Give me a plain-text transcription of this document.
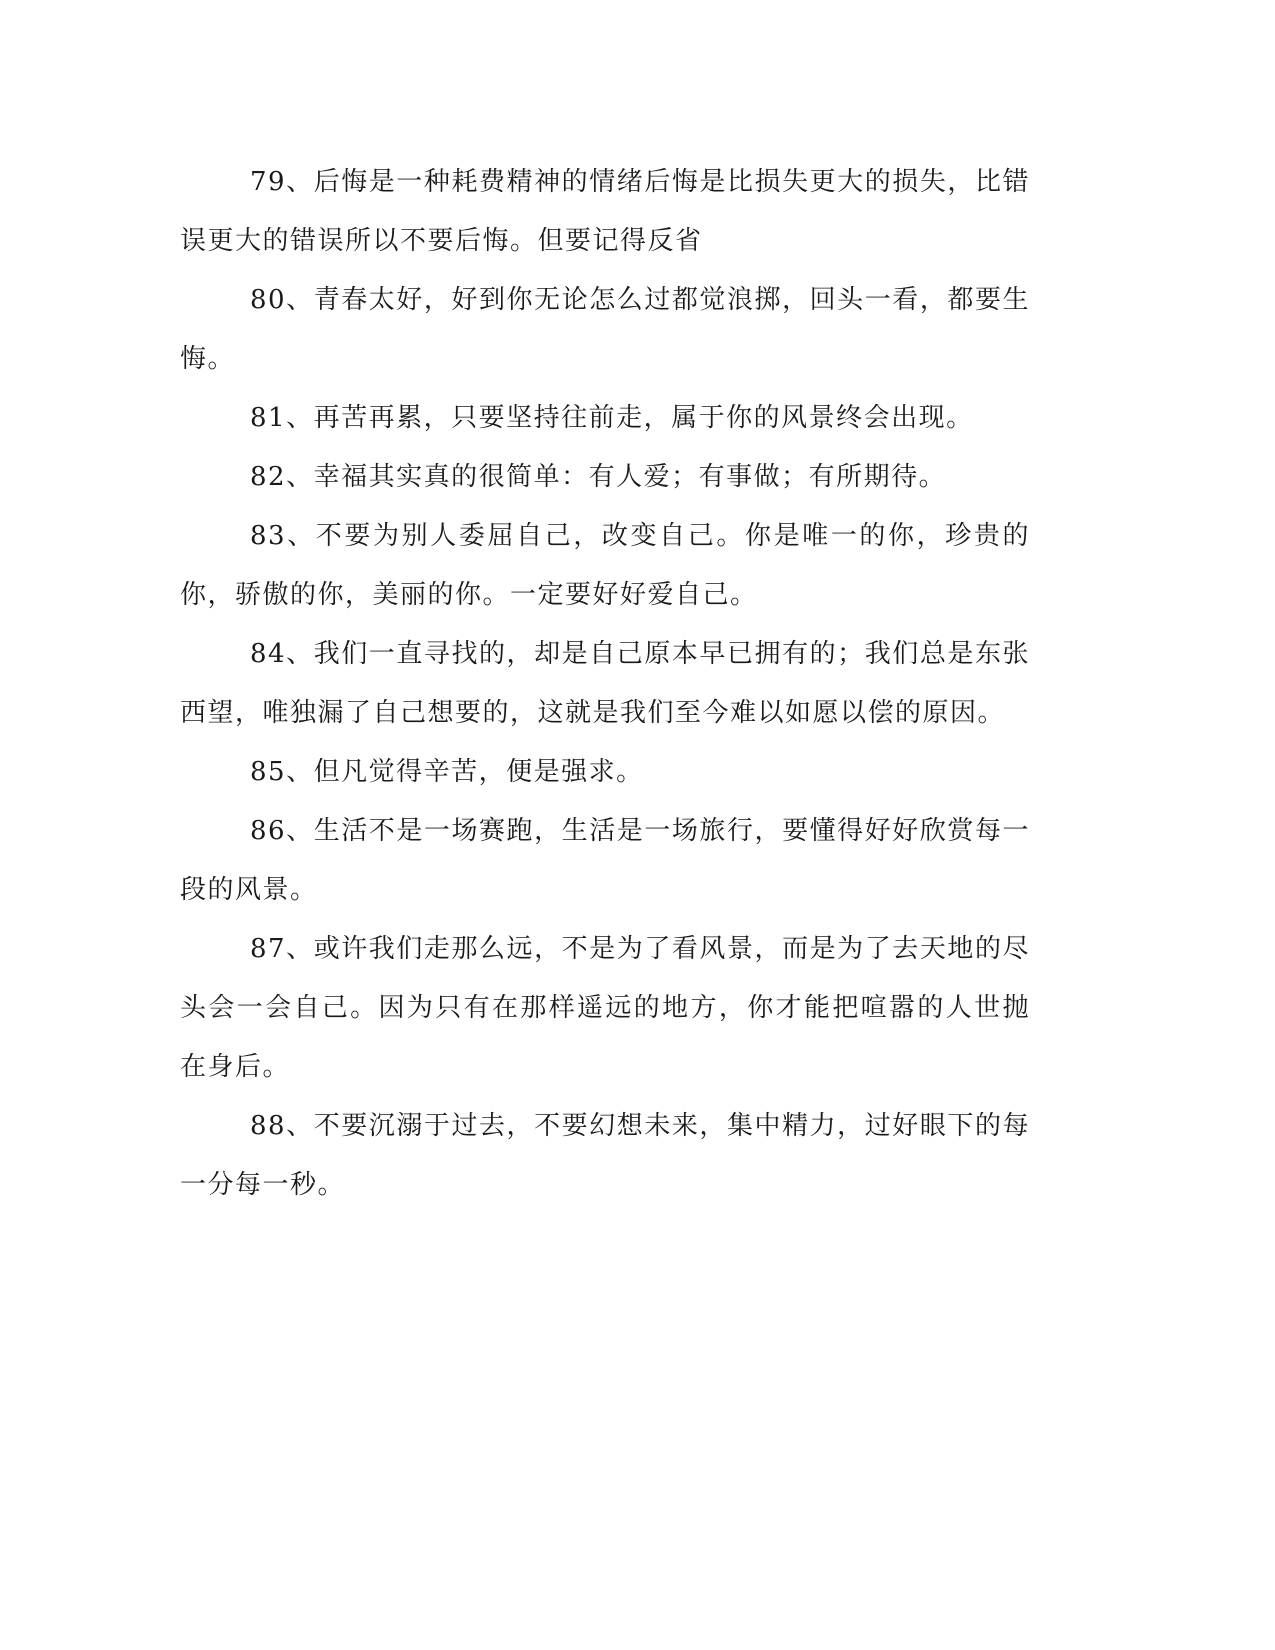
79、后悔是一种耗费精神的情绪后悔是比损失更大的损失，比错误更大的错误所以不要后悔。但要记得反省

80、青春太好，好到你无论怎么过都觉浪掷，回头一看，都要生悔。

81、再苦再累，只要坚持往前走，属于你的风景终会出现。

82、幸福其实真的很简单：有人爱；有事做；有所期待。

83、不要为别人委屈自己，改变自己。你是唯一的你，珍贵的你，骄傲的你，美丽的你。一定要好好爱自己。

84、我们一直寻找的，却是自己原本早已拥有的；我们总是东张西望，唯独漏了自己想要的，这就是我们至今难以如愿以偿的原因。

85、但凡觉得辛苦，便是强求。

86、生活不是一场赛跑，生活是一场旅行，要懂得好好欣赏每一段的风景。

87、或许我们走那么远，不是为了看风景，而是为了去天地的尽头会一会自己。因为只有在那样遥远的地方，你才能把喧嚣的人世抛在身后。

88、不要沉溺于过去，不要幻想未来，集中精力，过好眼下的每一分每一秒。
